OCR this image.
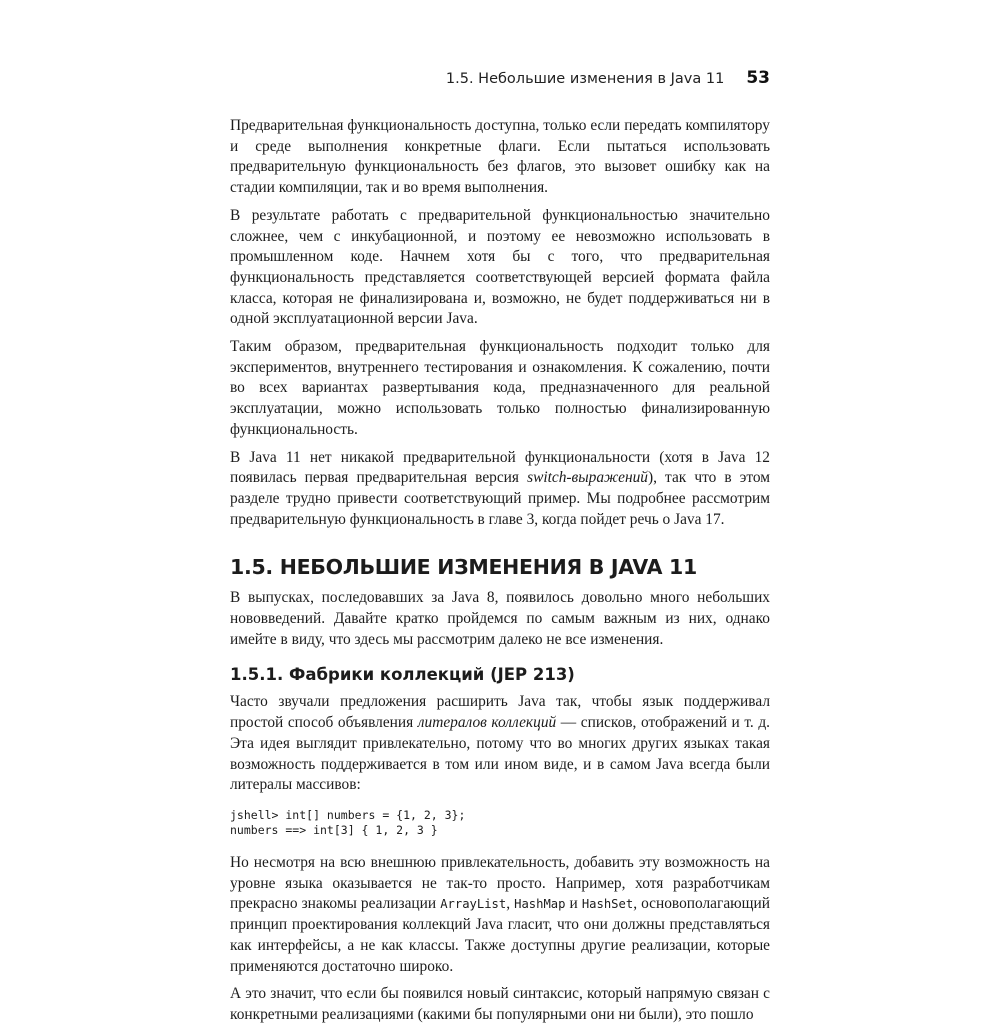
1.5. Небольшие изменения в Java 11 53

Предварительная функциональность доступна, только если передать компилятору и среде выполнения конкретные флаги. Если пытаться использовать предварительную функциональность без флагов, это вызовет ошибку как на стадии компиляции, так и во время выполнения.

В результате работать с предварительной функциональностью значительно сложнее, чем с инкубационной, и поэтому ее невозможно использовать в промышленном коде. Начнем хотя бы с того, что предварительная функциональность представляется соответствующей версией формата файла класса, которая не финализирована и, возможно, не будет поддерживаться ни в одной эксплуатационной версии Java.

Таким образом, предварительная функциональность подходит только для экспериментов, внутреннего тестирования и ознакомления. К сожалению, почти во всех вариантах развертывания кода, предназначенного для реальной эксплуатации, можно использовать только полностью финализированную функциональность.

В Java 11 нет никакой предварительной функциональности (хотя в Java 12 появилась первая предварительная версия switch-выражений), так что в этом разделе трудно привести соответствующий пример. Мы подробнее рассмотрим предварительную функциональность в главе 3, когда пойдет речь о Java 17.

1.5. НЕБОЛЬШИЕ ИЗМЕНЕНИЯ В JAVA 11

В выпусках, последовавших за Java 8, появилось довольно много небольших нововведений. Давайте кратко пройдемся по самым важным из них, однако имейте в виду, что здесь мы рассмотрим далеко не все изменения.

1.5.1. Фабрики коллекций (JEP 213)

Часто звучали предложения расширить Java так, чтобы язык поддерживал простой способ объявления литералов коллекций — списков, отображений и т. д. Эта идея выглядит привлекательно, потому что во многих других языках такая возможность поддерживается в том или ином виде, и в самом Java всегда были литералы массивов:

jshell> int[] numbers = {1, 2, 3};
numbers ==> int[3] { 1, 2, 3 }

Но несмотря на всю внешнюю привлекательность, добавить эту возможность на уровне языка оказывается не так-то просто. Например, хотя разработчикам прекрасно знакомы реализации ArrayList, HashMap и HashSet, основополагающий принцип проектирования коллекций Java гласит, что они должны представляться как интерфейсы, а не как классы. Также доступны другие реализации, которые применяются достаточно широко.

А это значит, что если бы появился новый синтаксис, который напрямую связан с конкретными реализациями (какими бы популярными они ни были), это пошло
